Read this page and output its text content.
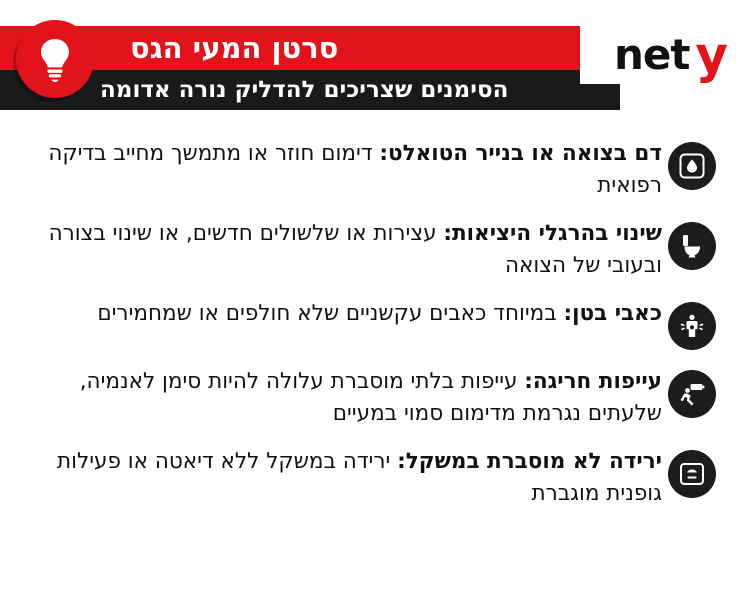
y
net
סרטן המעי הגס
הסימנים שצריכים להדליק נורה אדומה
דם בצואה או בנייר הטואלט: דימום חוזר או מתמשך מחייב בדיקה רפואית
שינוי בהרגלי היציאות: עצירות או שלשולים חדשים, או שינוי בצורה ובעובי של הצואה
כאבי בטן: במיוחד כאבים עקשניים שלא חולפים או שמחמירים
עייפות חריגה: עייפות בלתי מוסברת עלולה להיות סימן לאנמיה, שלעתים נגרמת מדימום סמוי במעיים
ירידה לא מוסברת במשקל: ירידה במשקל ללא דיאטה או פעילות גופנית מוגברת
